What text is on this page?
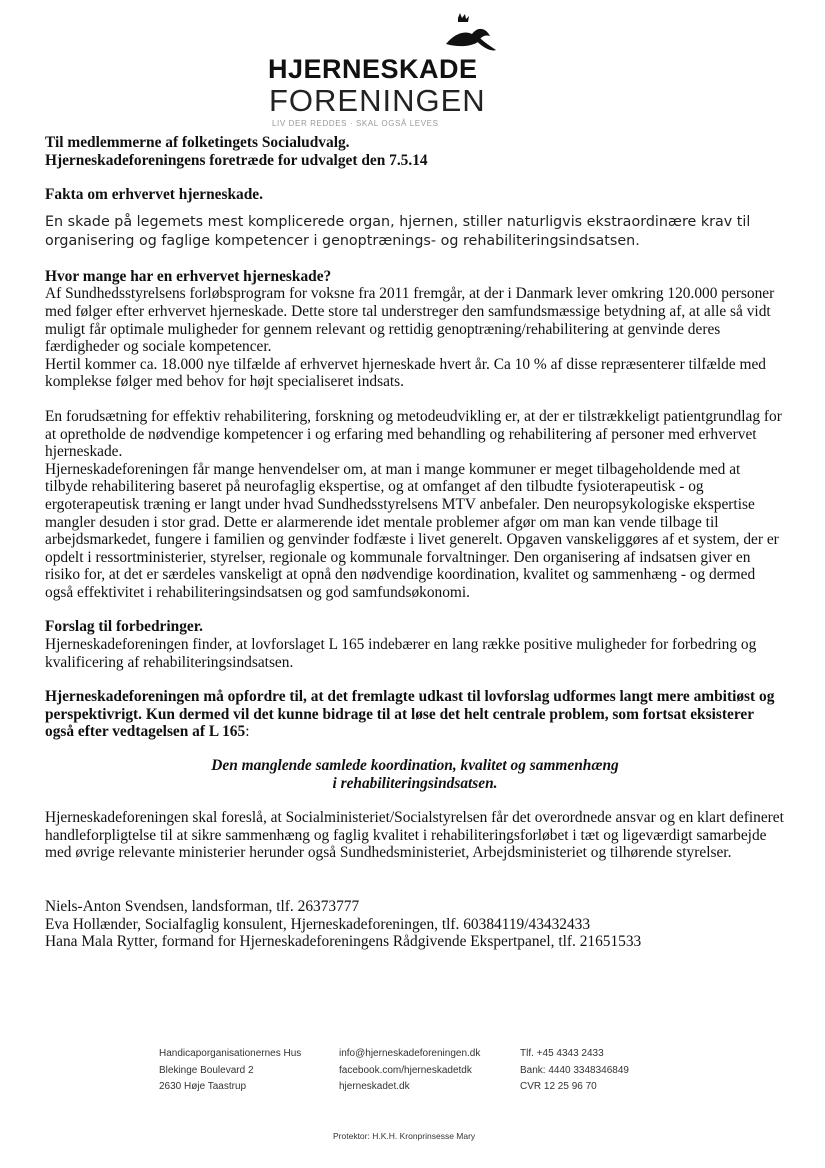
HJERNESKADE
FORENINGEN
LIV DER REDDES · SKAL OGSÅ LEVES

Til medlemmerne af folketingets Socialudvalg.

Hjerneskadeforeningens foretræde for udvalget den 7.5.14

Fakta om erhvervet hjerneskade.

En skade på legemets mest komplicerede organ, hjernen, stiller naturligvis ekstraordinære krav til organisering og faglige kompetencer i genoptrænings- og rehabiliteringsindsatsen.

Hvor mange har en erhvervet hjerneskade?

Af Sundhedsstyrelsens forløbsprogram for voksne fra 2011 fremgår, at der i Danmark lever omkring 120.000 personer med følger efter erhvervet hjerneskade. Dette store tal understreger den samfundsmæssige betydning af, at alle så vidt muligt får optimale muligheder for gennem relevant og rettidig genoptræning/rehabilitering at genvinde deres færdigheder og sociale kompetencer.

Hertil kommer ca. 18.000 nye tilfælde af erhvervet hjerneskade hvert år. Ca 10 % af disse repræsenterer tilfælde med komplekse følger med behov for højt specialiseret indsats.

En forudsætning for effektiv rehabilitering, forskning og metodeudvikling er, at der er tilstrækkeligt patientgrundlag for at opretholde de nødvendige kompetencer i og erfaring med behandling og rehabilitering af personer med erhvervet hjerneskade.

Hjerneskadeforeningen får mange henvendelser om, at man i mange kommuner er meget tilbageholdende med at tilbyde rehabilitering baseret på neurofaglig ekspertise, og at omfanget af den tilbudte fysioterapeutisk - og ergoterapeutisk træning er langt under hvad Sundhedsstyrelsens MTV anbefaler. Den neuropsykologiske ekspertise mangler desuden i stor grad. Dette er alarmerende idet mentale problemer afgør om man kan vende tilbage til arbejdsmarkedet, fungere i familien og genvinder fodfæste i livet generelt. Opgaven vanskeliggøres af et system, der er opdelt i ressortministerier, styrelser, regionale og kommunale forvaltninger. Den organisering af indsatsen giver en risiko for, at det er særdeles vanskeligt at opnå den nødvendige koordination, kvalitet og sammenhæng - og dermed også effektivitet i rehabiliteringsindsatsen og god samfundsøkonomi.

Forslag til forbedringer.

Hjerneskadeforeningen finder, at lovforslaget L 165 indebærer en lang række positive muligheder for forbedring og kvalificering af rehabiliteringsindsatsen.

Hjerneskadeforeningen må opfordre til, at det fremlagte udkast til lovforslag udformes langt mere ambitiøst og perspektivrigt. Kun dermed vil det kunne bidrage til at løse det helt centrale problem, som fortsat eksisterer også efter vedtagelsen af L 165:

Den manglende samlede koordination, kvalitet og sammenhæng

i rehabiliteringsindsatsen.

Hjerneskadeforeningen skal foreslå, at Socialministeriet/Socialstyrelsen får det overordnede ansvar og en klart defineret handleforpligtelse til at sikre sammenhæng og faglig kvalitet i rehabiliteringsforløbet i tæt og ligeværdigt samarbejde med øvrige relevante ministerier herunder også Sundhedsministeriet, Arbejdsministeriet og tilhørende styrelser.

Niels-Anton Svendsen, landsforman, tlf. 26373777

Eva Hollænder, Socialfaglig konsulent, Hjerneskadeforeningen, tlf. 60384119/43432433

Hana Mala Rytter, formand for Hjerneskadeforeningens Rådgivende Ekspertpanel, tlf. 21651533

Handicaporganisationernes Hus
Blekinge Boulevard 2
2630 Høje Taastrup
info@hjerneskadeforeningen.dk
facebook.com/hjerneskadetdk
hjerneskadet.dk
Tlf. +45 4343 2433
Bank: 4440 3348346849
CVR 12 25 96 70
Protektor: H.K.H. Kronprinsesse Mary
